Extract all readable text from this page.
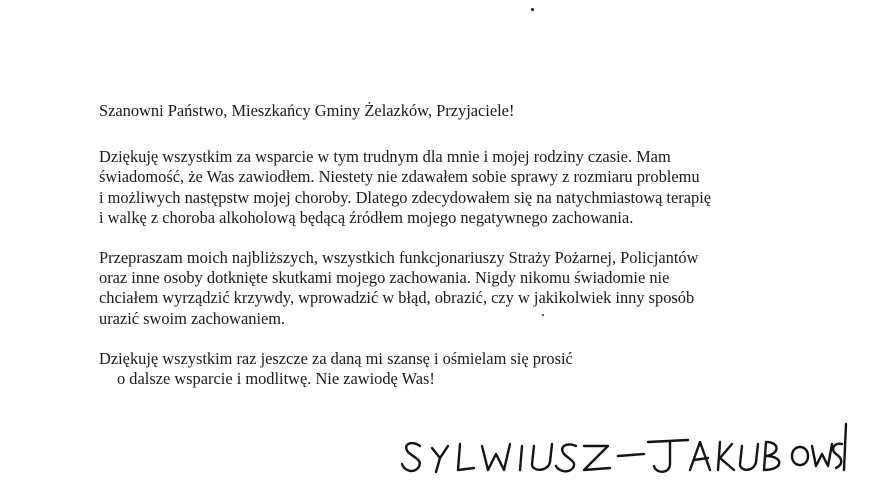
Szanowni Państwo, Mieszkańcy Gminy Żelazków, Przyjaciele!

Dziękuję wszystkim za wsparcie w tym trudnym dla mnie i mojej rodziny czasie. Mam
świadomość, że Was zawiodłem. Niestety nie zdawałem sobie sprawy z rozmiaru problemu
i możliwych następstw mojej choroby. Dlatego zdecydowałem się na natychmiastową terapię
i walkę z choroba alkoholową będącą źródłem mojego negatywnego zachowania.

Przepraszam moich najbliższych, wszystkich funkcjonariuszy Straży Pożarnej, Policjantów
oraz inne osoby dotknięte skutkami mojego zachowania. Nigdy nikomu świadomie nie
chciałem wyrządzić krzywdy, wprowadzić w błąd, obrazić, czy w jakikolwiek inny sposób
urazić swoim zachowaniem.

Dziękuję wszystkim raz jeszcze za daną mi szansę i ośmielam się prosić
o dalsze wsparcie i modlitwę. Nie zawiodę Was!
